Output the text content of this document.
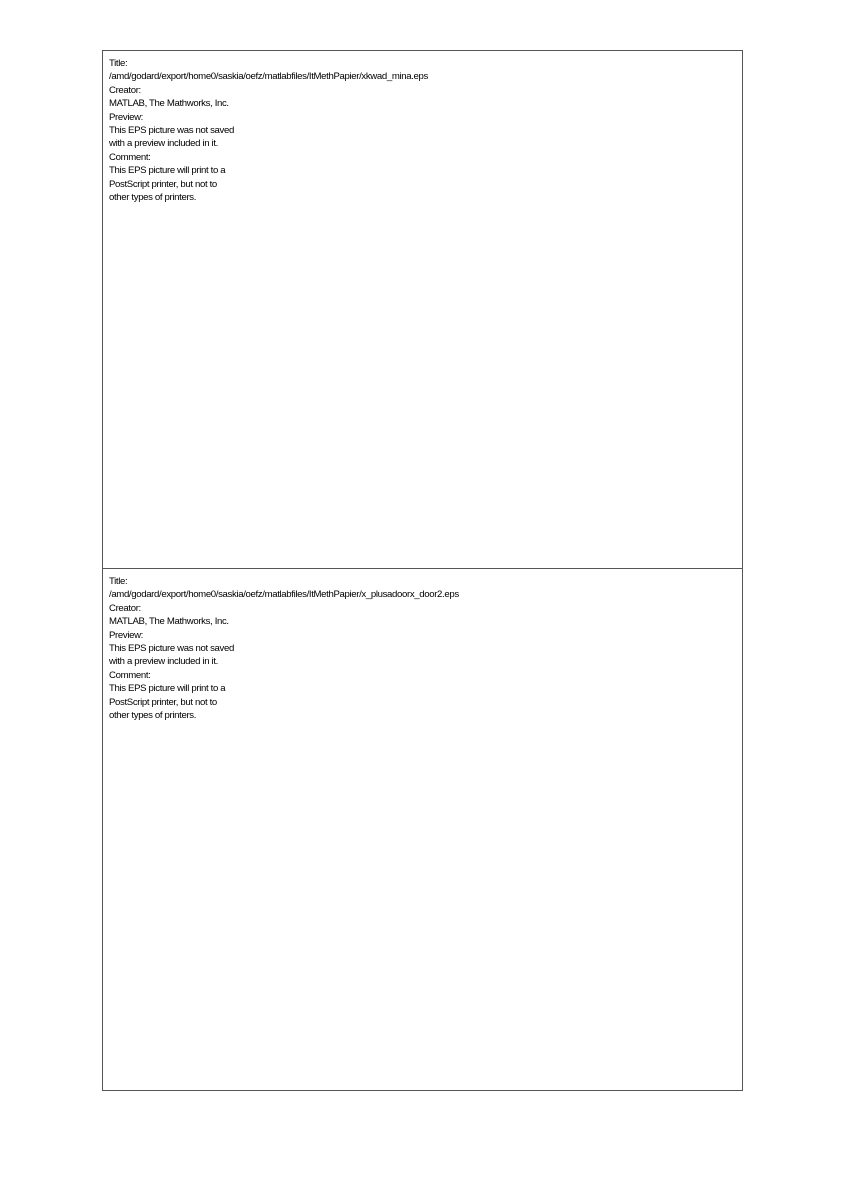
Title:
/amd/godard/export/home0/saskia/oefz/matlabfiles/ItMethPapier/xkwad_mina.eps
Creator:
MATLAB, The Mathworks, Inc.
Preview:
This EPS picture was not saved
with a preview included in it.
Comment:
This EPS picture will print to a
PostScript printer, but not to
other types of printers.
Title:
/amd/godard/export/home0/saskia/oefz/matlabfiles/ItMethPapier/x_plusadoorx_door2.eps
Creator:
MATLAB, The Mathworks, Inc.
Preview:
This EPS picture was not saved
with a preview included in it.
Comment:
This EPS picture will print to a
PostScript printer, but not to
other types of printers.
